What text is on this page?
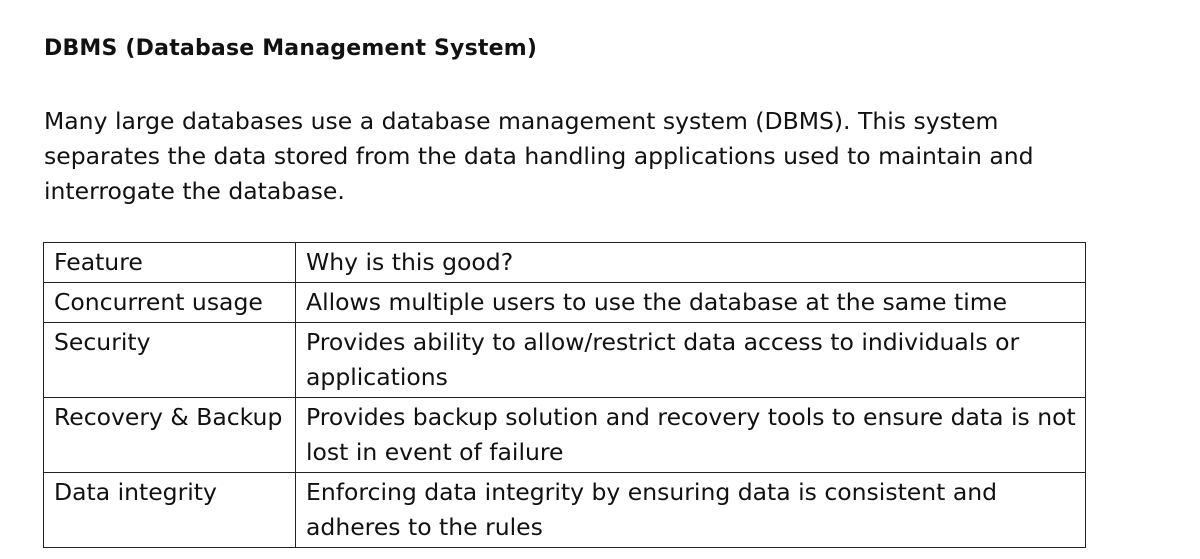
DBMS (Database Management System)

Many large databases use a database management system (DBMS). This system separates the data stored from the data handling applications used to maintain and interrogate the database.

Feature	Why is this good?
Concurrent usage	Allows multiple users to use the database at the same time
Security	Provides ability to allow/restrict data access to individuals or applications
Recovery & Backup	Provides backup solution and recovery tools to ensure data is not lost in event of failure
Data integrity	Enforcing data integrity by ensuring data is consistent and adheres to the rules
